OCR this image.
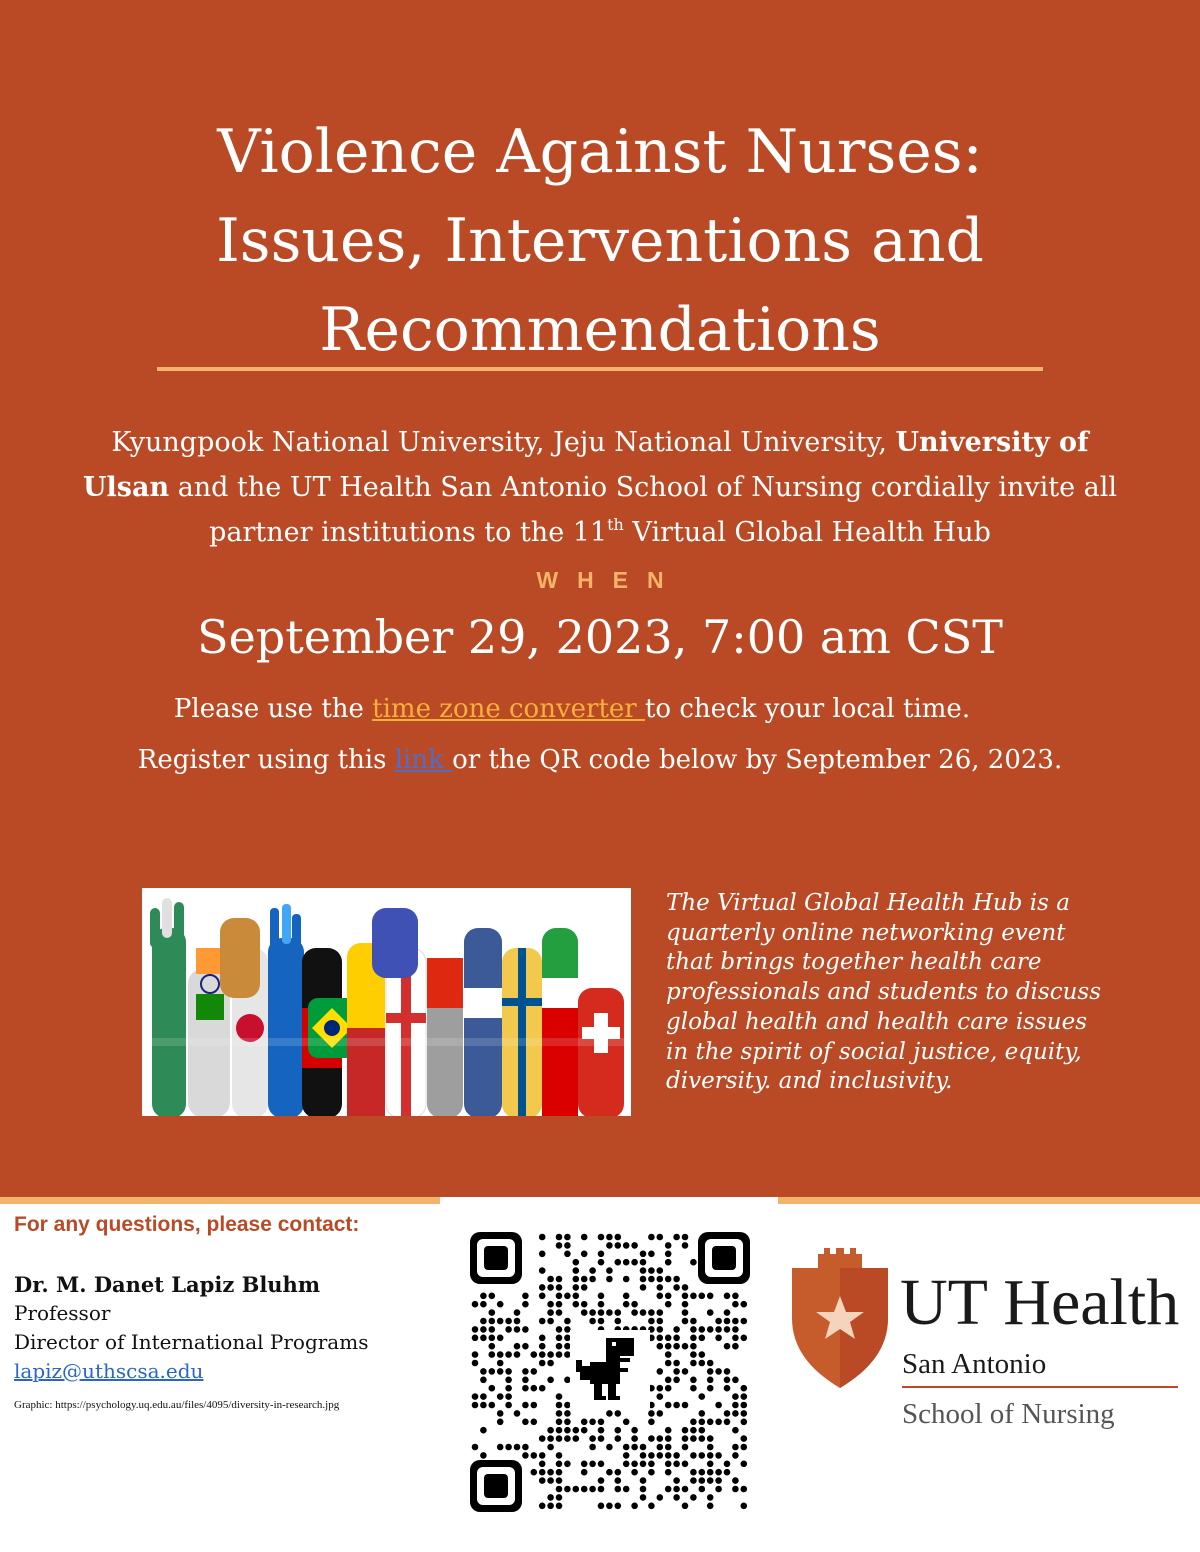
Violence Against Nurses:
Issues, Interventions and
Recommendations
Kyungpook National University, Jeju National University, University of
Ulsan and the UT Health San Antonio School of Nursing cordially invite all
partner institutions to the 11th Virtual Global Health Hub
WHEN
September 29, 2023, 7:00 am CST
Please use the time zone converter to check your local time.
Register using this link or the QR code below by September 26, 2023.
The Virtual Global Health Hub is a quarterly online networking event that brings together health care professionals and students to discuss global health and health care issues in the spirit of social justice, equity, diversity. and inclusivity.
For any questions, please contact:
Dr. M. Danet Lapiz Bluhm
Professor
Director of International Programs
lapiz@uthscsa.edu
Graphic: https://psychology.uq.edu.au/files/4095/diversity-in-research.jpg
UT Health
San Antonio
School of Nursing
